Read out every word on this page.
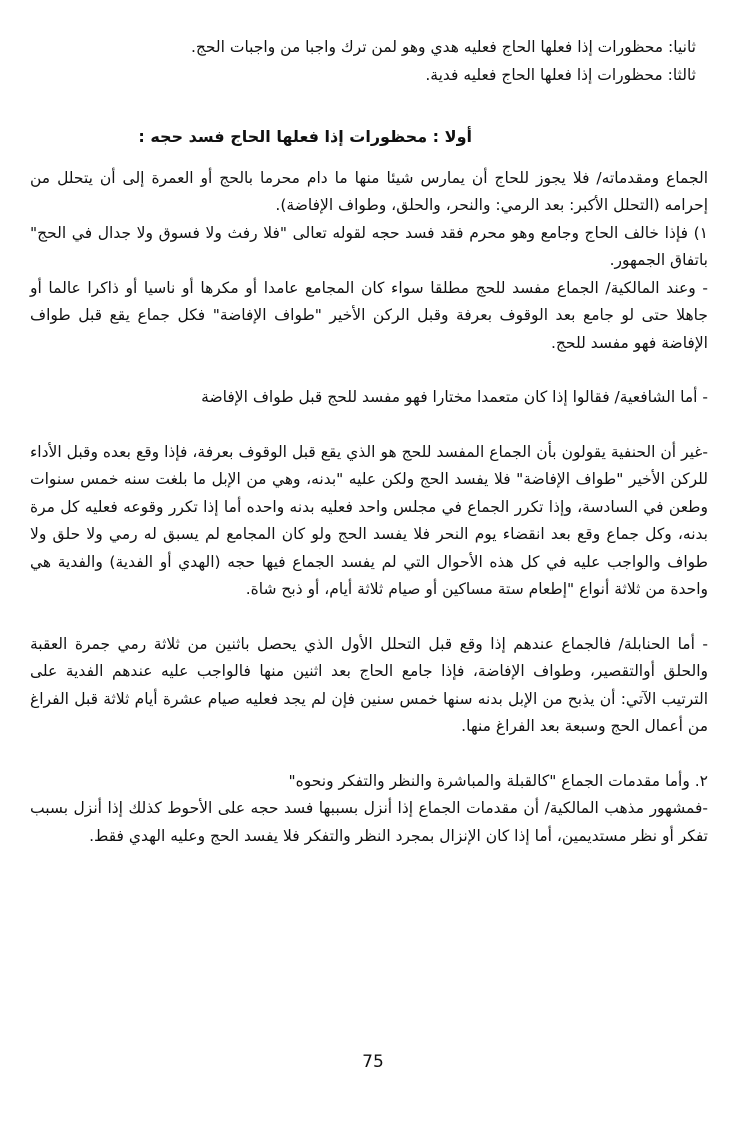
ثانيا: محظورات إذا فعلها الحاج فعليه هدي وهو لمن ترك واجبا من واجبات الحج.

ثالثا: محظورات إذا فعلها الحاج فعليه فدية.

أولا : محظورات إذا فعلها الحاج فسد حجه :

الجماع ومقدماته/ فلا يجوز للحاج أن يمارس شيئا منها ما دام محرما بالحج أو العمرة إلى أن يتحلل من إحرامه (التحلل الأكبر: بعد الرمي: والنحر، والحلق، وطواف الإفاضة).

١) فإذا خالف الحاج وجامع وهو محرم فقد فسد حجه لقوله تعالى "فلا رفث ولا فسوق ولا جدال في الحج" باتفاق الجمهور.

- وعند المالكية/ الجماع مفسد للحج مطلقا سواء كان المجامع عامدا أو مكرها أو ناسيا أو ذاكرا عالما أو جاهلا حتى لو جامع بعد الوقوف بعرفة وقبل الركن الأخير "طواف الإفاضة" فكل جماع يقع قبل طواف الإفاضة فهو مفسد للحج.

- أما الشافعية/ فقالوا إذا كان متعمدا مختارا فهو مفسد للحج قبل طواف الإفاضة

-غير أن الحنفية يقولون بأن الجماع المفسد للحج هو الذي يقع قبل الوقوف بعرفة، فإذا وقع بعده وقبل الأداء للركن الأخير "طواف الإفاضة" فلا يفسد الحج ولكن عليه "بدنه، وهي من الإبل ما بلغت سنه خمس سنوات وطعن في السادسة، وإذا تكرر الجماع في مجلس واحد فعليه بدنه واحده أما إذا تكرر وقوعه فعليه كل مرة بدنه، وكل جماع وقع بعد انقضاء يوم النحر فلا يفسد الحج ولو كان المجامع لم يسبق له رمي ولا حلق ولا طواف والواجب عليه في كل هذه الأحوال التي لم يفسد الجماع فيها حجه (الهدي أو الفدية) والفدية هي واحدة من ثلاثة أنواع "إطعام ستة مساكين أو صيام ثلاثة أيام، أو ذبح شاة.

- أما الحنابلة/ فالجماع عندهم إذا وقع قبل التحلل الأول الذي يحصل باثنين من ثلاثة رمي جمرة العقبة والحلق أوالتقصير، وطواف الإفاضة، فإذا جامع الحاج بعد اثنين منها فالواجب عليه عندهم الفدية على الترتيب الآتي: أن يذبح من الإبل بدنه سنها خمس سنين فإن لم يجد فعليه صيام عشرة أيام ثلاثة قبل الفراغ من أعمال الحج وسبعة بعد الفراغ منها.

٢. وأما مقدمات الجماع "كالقبلة والمباشرة والنظر والتفكر ونحوه"

-فمشهور مذهب المالكية/ أن مقدمات الجماع إذا أنزل بسببها فسد حجه على الأحوط كذلك إذا أنزل بسبب تفكر أو نظر مستديمين، أما إذا كان الإنزال بمجرد النظر والتفكر فلا يفسد الحج وعليه الهدي فقط.

75
